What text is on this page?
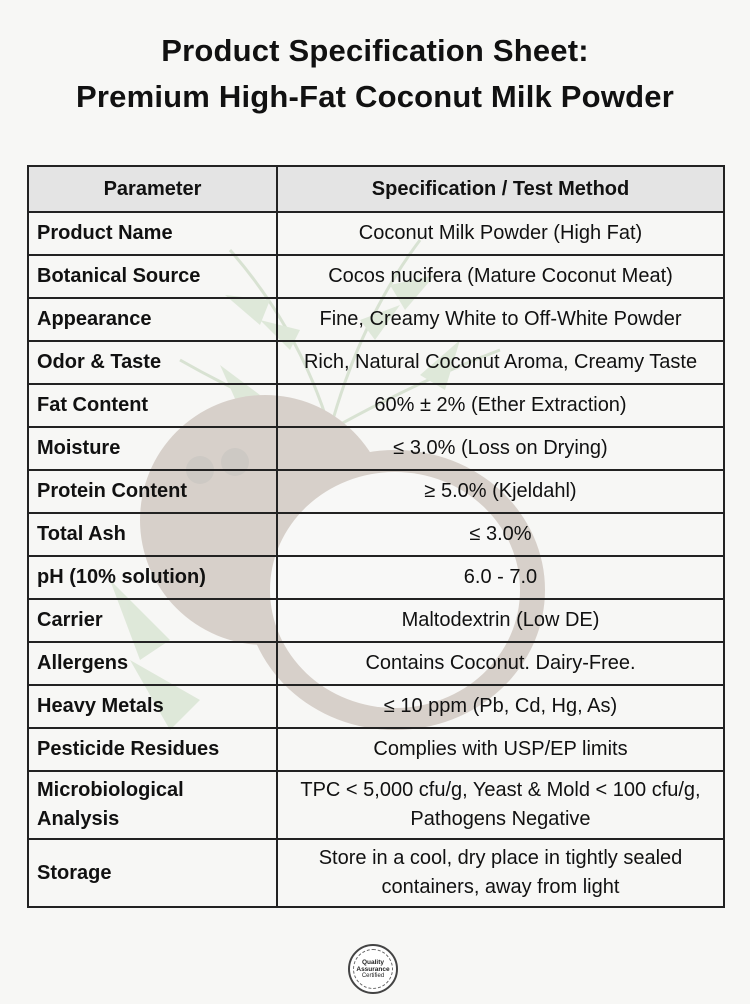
Product Specification Sheet:
Premium High-Fat Coconut Milk Powder
Parameter	Specification / Test Method
Product Name	Coconut Milk Powder (High Fat)
Botanical Source	Cocos nucifera (Mature Coconut Meat)
Appearance	Fine, Creamy White to Off-White Powder
Odor & Taste	Rich, Natural Coconut Aroma, Creamy Taste
Fat Content	60% ± 2% (Ether Extraction)
Moisture	≤ 3.0% (Loss on Drying)
Protein Content	≥ 5.0% (Kjeldahl)
Total Ash	≤ 3.0%
pH (10% solution)	6.0 - 7.0
Carrier	Maltodextrin (Low DE)
Allergens	Contains Coconut. Dairy-Free.
Heavy Metals	≤ 10 ppm (Pb, Cd, Hg, As)
Pesticide Residues	Complies with USP/EP limits
Microbiological Analysis	TPC < 5,000 cfu/g, Yeast & Mold < 100 cfu/g, Pathogens Negative
Storage	Store in a cool, dry place in tightly sealed containers, away from light
Quality
Assurance
Certified
